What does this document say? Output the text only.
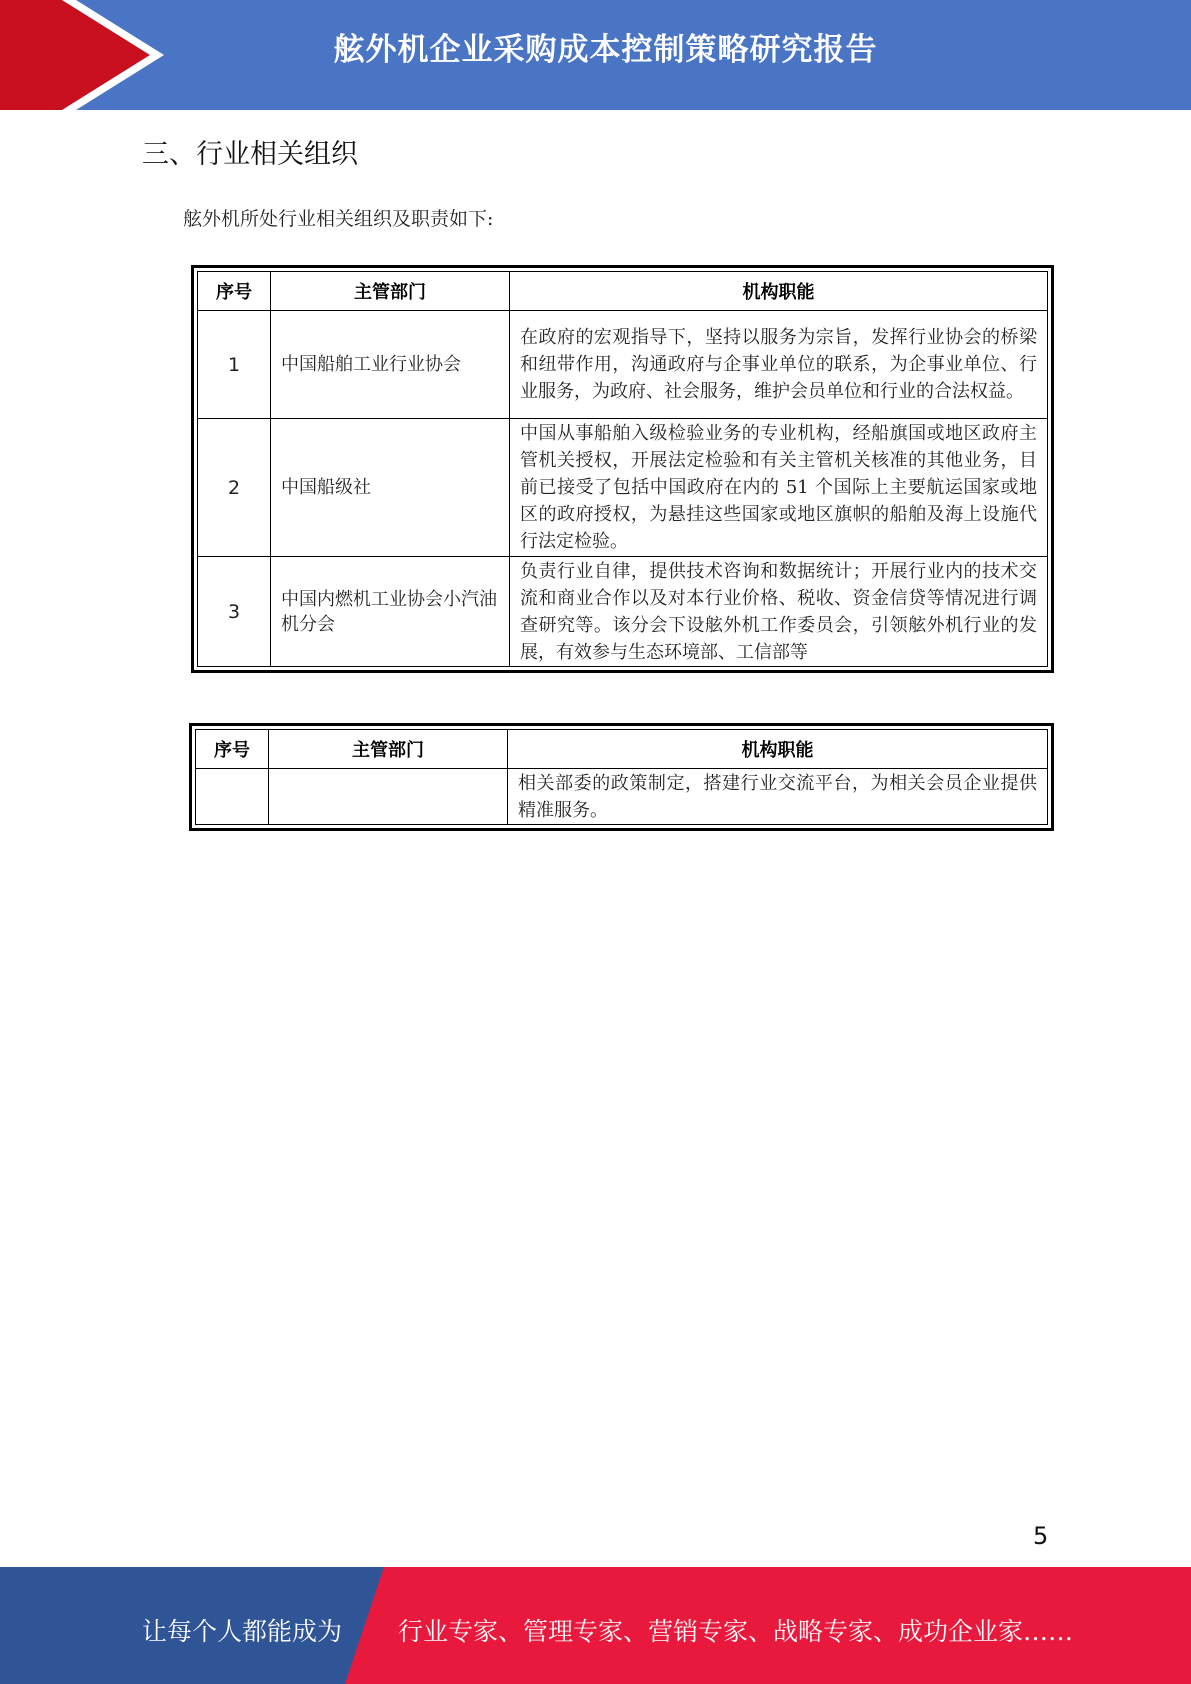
舷外机企业采购成本控制策略研究报告
三、行业相关组织
舷外机所处行业相关组织及职责如下:
序号	主管部门	机构职能
1	中国船舶工业行业协会	在政府的宏观指导下，坚持以服务为宗旨，发挥行业协会的桥梁和纽带作用，沟通政府与企事业单位的联系，为企事业单位、行业服务，为政府、社会服务，维护会员单位和行业的合法权益。
2	中国船级社	中国从事船舶入级检验业务的专业机构，经船旗国或地区政府主管机关授权，开展法定检验和有关主管机关核准的其他业务，目前已接受了包括中国政府在内的 51 个国际上主要航运国家或地区的政府授权，为悬挂这些国家或地区旗帜的船舶及海上设施代行法定检验。
3	中国内燃机工业协会小汽油机分会	负责行业自律，提供技术咨询和数据统计；开展行业内的技术交流和商业合作以及对本行业价格、税收、资金信贷等情况进行调查研究等。该分会下设舷外机工作委员会，引领舷外机行业的发展，有效参与生态环境部、工信部等
序号	主管部门	机构职能
		相关部委的政策制定，搭建行业交流平台，为相关会员企业提供精准服务。
5
让每个人都能成为 行业专家、管理专家、营销专家、战略专家、成功企业家……
